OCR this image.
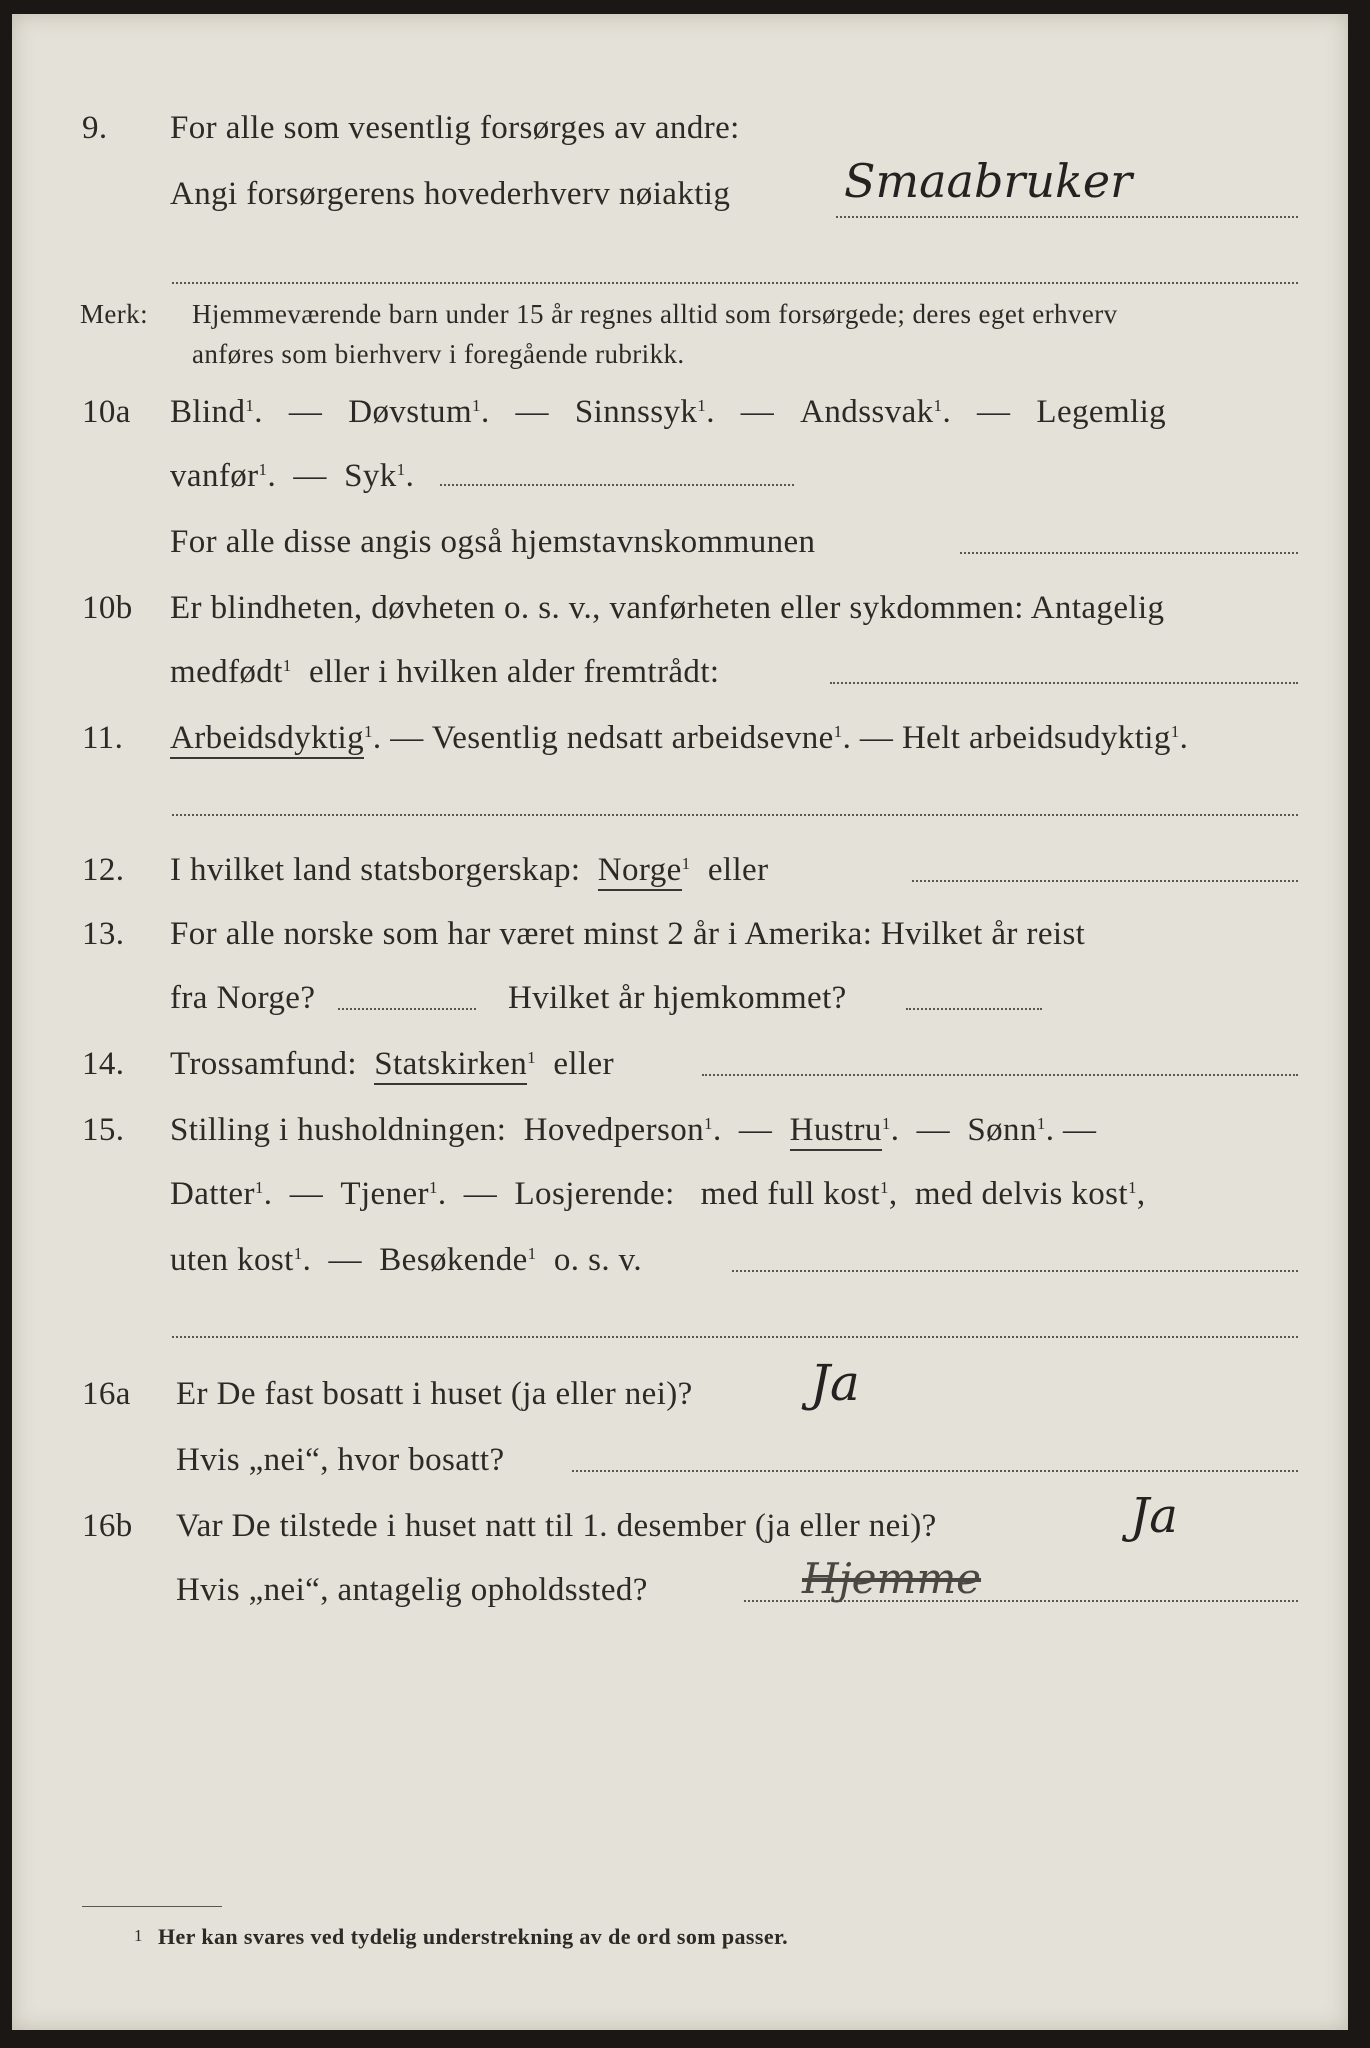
9. For alle som vesentlig forsørges av andre:
Angi forsørgerens hovederhverv nøiaktig Smaabruker
Merk: Hjemmeværende barn under 15 år regnes alltid som forsørgede; deres eget erhverv
anføres som bierhverv i foregående rubrikk.
10a Blind$^1$.   —   Døvstum$^1$.   —   Sinnssyk$^1$.   —   Andssvak$^1$.   —   Legemlig
vanfør$^1$.  —  Syk$^1$.
For alle disse angis også hjemstavnskommunen
10b Er blindheten, døvheten o. s. v., vanførheten eller sykdommen: Antagelig
medfødt$^1$ eller i hvilken alder fremtrådt:
11. Arbeidsdyktig$^1$. — Vesentlig nedsatt arbeidsevne$^1$. — Helt arbeidsudyktig$^1$.
12. I hvilket land statsborgerskap: Norge$^1$ eller
13. For alle norske som har været minst 2 år i Amerika: Hvilket år reist
fra Norge?	Hvilket år hjemkommet?
14. Trossamfund: Statskirken$^1$ eller
15. Stilling i husholdningen: Hovedperson$^1$.  —  Hustru$^1$.  —  Sønn$^1$. —
Datter$^1$.  —  Tjener$^1$.  —  Losjerende: med full kost$^1$,  med delvis kost$^1$,
uten kost$^1$.  —  Besøkende$^1$ o. s. v.
16a Er De fast bosatt i huset (ja eller nei)? Ja
Hvis „nei“, hvor bosatt?
16b Var De tilstede i huset natt til 1. desember (ja eller nei)?	Ja
Hvis „nei“, antagelig opholdssted?	Hjemme
1 Her kan svares ved tydelig understrekning av de ord som passer.
